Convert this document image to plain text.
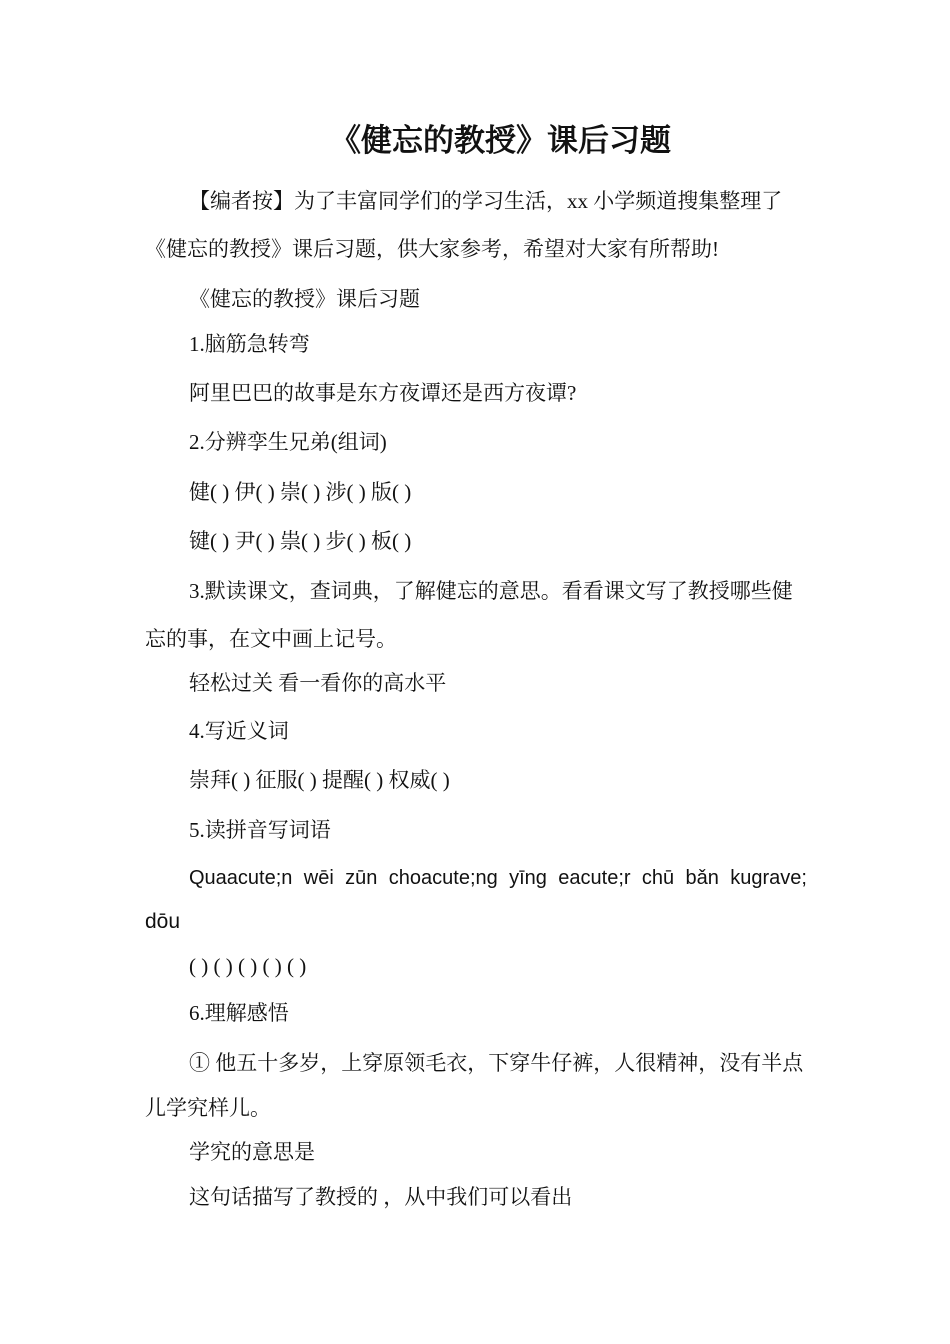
《健忘的教授》课后习题
【编者按】为了丰富同学们的学习生活，xx 小学频道搜集整理了
《健忘的教授》课后习题，供大家参考，希望对大家有所帮助!
《健忘的教授》课后习题
1.脑筋急转弯
阿里巴巴的故事是东方夜谭还是西方夜谭?
2.分辨孪生兄弟(组词)
健( ) 伊( ) 崇( ) 涉( ) 版( )
键( ) 尹( ) 祟( ) 步( ) 板( )
3.默读课文，查词典，了解健忘的意思。看看课文写了教授哪些健
忘的事，在文中画上记号。
轻松过关 看一看你的高水平
4.写近义词
崇拜( ) 征服( ) 提醒( ) 权威( )
5.读拼音写词语
Quaacute;n wēi zūn choacute;ng yīng eacute;r chū bǎn kugrave;
dōu
( ) ( ) ( ) ( ) ( )
6.理解感悟
① 他五十多岁，上穿原领毛衣，下穿牛仔裤，人很精神，没有半点
儿学究样儿。
学究的意思是
这句话描写了教授的 ，从中我们可以看出
